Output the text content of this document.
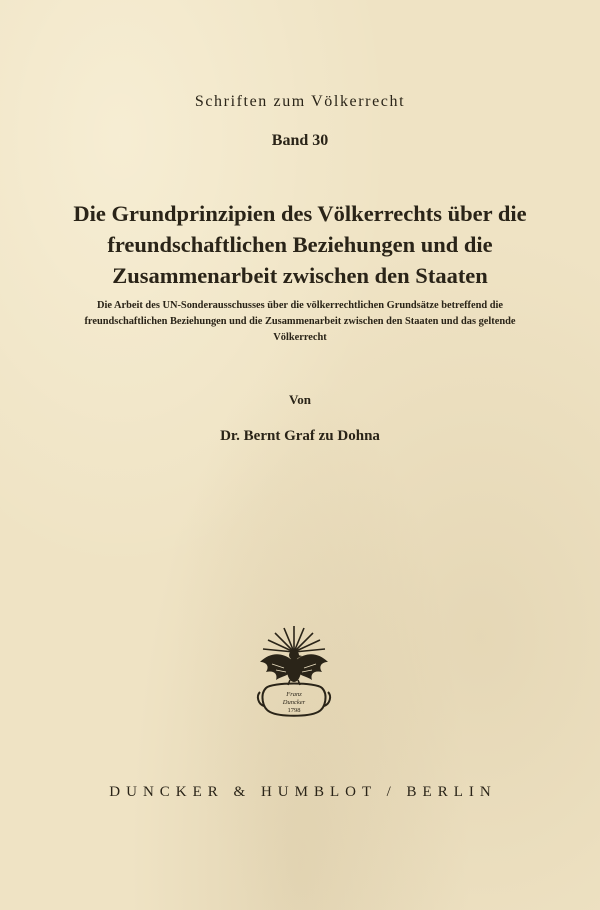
Schriften zum Völkerrecht
Band 30
Die Grundprinzipien des Völkerrechts über die freundschaftlichen Beziehungen und die Zusammenarbeit zwischen den Staaten
Die Arbeit des UN-Sonderausschusses über die völkerrechtlichen Grundsätze betreffend die freundschaftlichen Beziehungen und die Zusammenarbeit zwischen den Staaten und das geltende Völkerrecht
Von
Dr. Bernt Graf zu Dohna
Franz
Duncker
1798
DUNCKER & HUMBLOT / BERLIN
